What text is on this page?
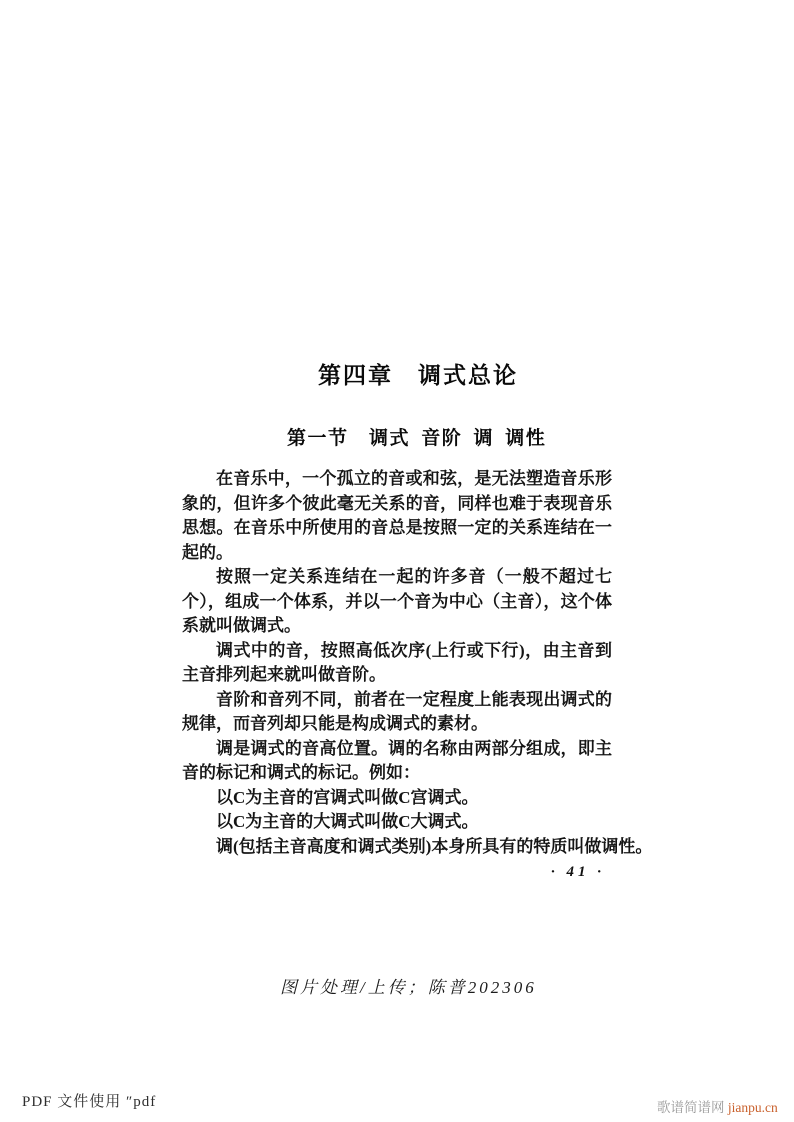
第四章　调式总论
第一节　调式 音阶 调 调性

在音乐中，一个孤立的音或和弦，是无法塑造音乐形象的，但许多个彼此毫无关系的音，同样也难于表现音乐思想。在音乐中所使用的音总是按照一定的关系连结在一起的。

按照一定关系连结在一起的许多音（一般不超过七个），组成一个体系，并以一个音为中心（主音），这个体系就叫做调式。

调式中的音，按照高低次序(上行或下行)，由主音到主音排列起来就叫做音阶。

音阶和音列不同，前者在一定程度上能表现出调式的规律，而音列却只能是构成调式的素材。

调是调式的音高位置。调的名称由两部分组成，即主音的标记和调式的标记。例如：

以C为主音的宫调式叫做C宫调式。

以C为主音的大调式叫做C大调式。

调(包括主音高度和调式类别)本身所具有的特质叫做调性。

· 41 ·
图片处理/上传；陈普202306
PDF 文件使用 ″pdf	歌谱简谱网 jianpu.cn
